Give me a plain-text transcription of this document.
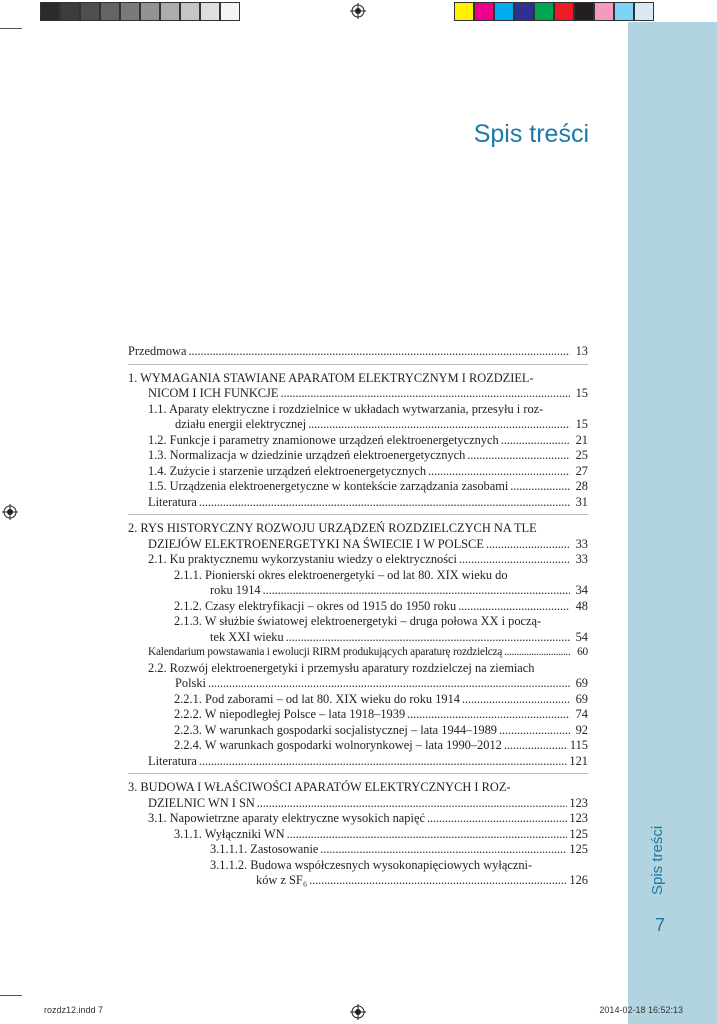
Spis treści
7
Spis treści
Przedmowa . . .	13
1. WYMAGANIA STAWIANE APARATOM ELEKTRYCZNYM I ROZDZIEL-
NICOM I ICH FUNKCJE . . .	15
1.1. Aparaty elektryczne i rozdzielnice w układach wytwarzania, przesyłu i roz-
działu energii elektrycznej . . .	15
1.2. Funkcje i parametry znamionowe urządzeń elektroenergetycznych . . .	21
1.3. Normalizacja w dziedzinie urządzeń elektroenergetycznych . . .	25
1.4. Zużycie i starzenie urządzeń elektroenergetycznych . . .	27
1.5. Urządzenia elektroenergetyczne w kontekście zarządzania zasobami . . .	28
Literatura . . .	31
2. RYS HISTORYCZNY ROZWOJU URZĄDZEŃ ROZDZIELCZYCH NA TLE
DZIEJÓW ELEKTROENERGETYKI NA ŚWIECIE I W POLSCE . . .	33
2.1. Ku praktycznemu wykorzystaniu wiedzy o elektryczności . . .	33
2.1.1. Pionierski okres elektroenergetyki – od lat 80. XIX wieku do
roku 1914 . . .	34
2.1.2. Czasy elektryfikacji – okres od 1915 do 1950 roku . . .	48
2.1.3. W służbie światowej elektroenergetyki – druga połowa XX i począ-
tek XXI wieku . . .	54
Kalendarium powstawania i ewolucji RIRM produkujących aparaturę rozdzielczą . . .	60
2.2. Rozwój elektroenergetyki i przemysłu aparatury rozdzielczej na ziemiach
Polski . . .	69
2.2.1. Pod zaborami – od lat 80. XIX wieku do roku 1914 . . .	69
2.2.2. W niepodległej Polsce – lata 1918–1939 . . .	74
2.2.3. W warunkach gospodarki socjalistycznej – lata 1944–1989 . . .	92
2.2.4. W warunkach gospodarki wolnorynkowej – lata 1990–2012 . . .	115
Literatura . . .	121
3. BUDOWA I WŁAŚCIWOŚCI APARATÓW ELEKTRYCZNYCH I ROZ-
DZIELNIC WN I SN . . .	123
3.1. Napowietrzne aparaty elektryczne wysokich napięć . . .	123
3.1.1. Wyłączniki WN . . .	125
3.1.1.1. Zastosowanie . . .	125
3.1.1.2. Budowa współczesnych wysokonapięciowych wyłączni-
ków z SF₆ . . .	126
rozdz12.indd 7	2014-02-18 16:52:13
